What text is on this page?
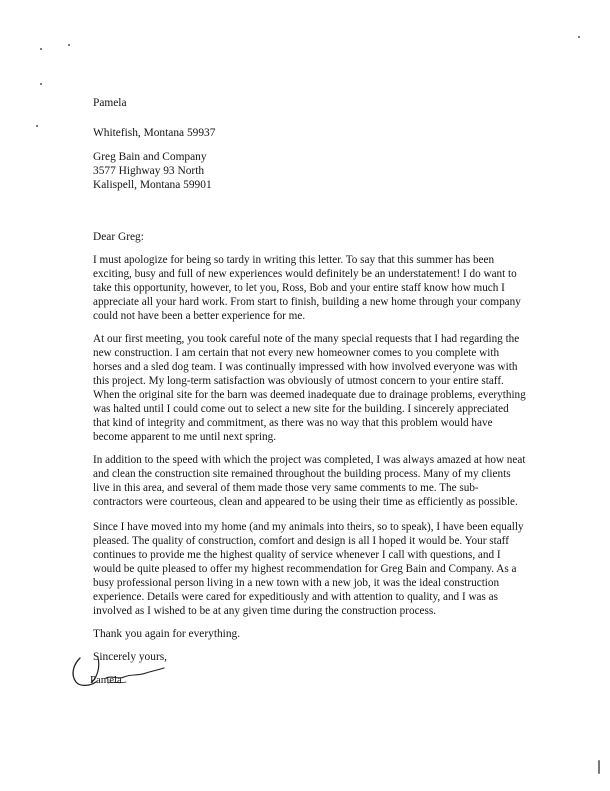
Pamela
Whitefish, Montana 59937
Greg Bain and Company
3577 Highway 93 North
Kalispell, Montana 59901
Dear Greg:
I must apologize for being so tardy in writing this letter. To say that this summer has been
exciting, busy and full of new experiences would definitely be an understatement! I do want to
take this opportunity, however, to let you, Ross, Bob and your entire staff know how much I
appreciate all your hard work. From start to finish, building a new home through your company
could not have been a better experience for me.
At our first meeting, you took careful note of the many special requests that I had regarding the
new construction. I am certain that not every new homeowner comes to you complete with
horses and a sled dog team. I was continually impressed with how involved everyone was with
this project. My long-term satisfaction was obviously of utmost concern to your entire staff.
When the original site for the barn was deemed inadequate due to drainage problems, everything
was halted until I could come out to select a new site for the building. I sincerely appreciated
that kind of integrity and commitment, as there was no way that this problem would have
become apparent to me until next spring.
In addition to the speed with which the project was completed, I was always amazed at how neat
and clean the construction site remained throughout the building process. Many of my clients
live in this area, and several of them made those very same comments to me. The sub-
contractors were courteous, clean and appeared to be using their time as efficiently as possible.
Since I have moved into my home (and my animals into theirs, so to speak), I have been equally
pleased. The quality of construction, comfort and design is all I hoped it would be. Your staff
continues to provide me the highest quality of service whenever I call with questions, and I
would be quite pleased to offer my highest recommendation for Greg Bain and Company. As a
busy professional person living in a new town with a new job, it was the ideal construction
experience. Details were cared for expeditiously and with attention to quality, and I was as
involved as I wished to be at any given time during the construction process.
Thank you again for everything.
Sincerely yours,
Pamela
